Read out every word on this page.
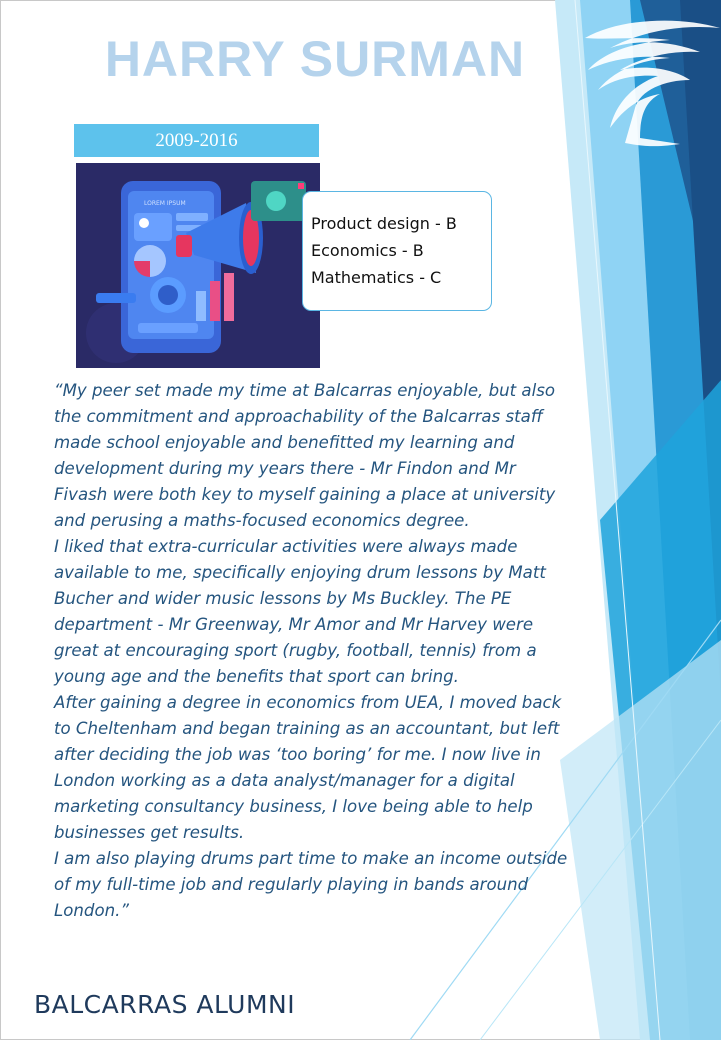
HARRY SURMAN
2009-2016
LOREM IPSUM
Product design - B
Economics - B
Mathematics - C

“My peer set made my time at Balcarras enjoyable, but also the commitment and approachability of the Balcarras staff made school enjoyable and benefitted my learning and development during my years there - Mr Findon and Mr Fivash were both key to myself gaining a place at university and perusing a maths-focused economics degree.

I liked that extra-curricular activities were always made available to me, specifically enjoying drum lessons by Matt Bucher and wider music lessons by Ms Buckley. The PE department - Mr Greenway, Mr Amor and Mr Harvey were great at encouraging sport (rugby, football, tennis) from a young age and the benefits that sport can bring.

After gaining a degree in economics from UEA, I moved back to Cheltenham and began training as an accountant, but left after deciding the job was ‘too boring’ for me. I now live in London working as a data analyst/manager for a digital marketing consultancy business, I love being able to help businesses get results.

I am also playing drums part time to make an income outside of my full-time job and regularly playing in bands around London.”

BALCARRAS ALUMNI
